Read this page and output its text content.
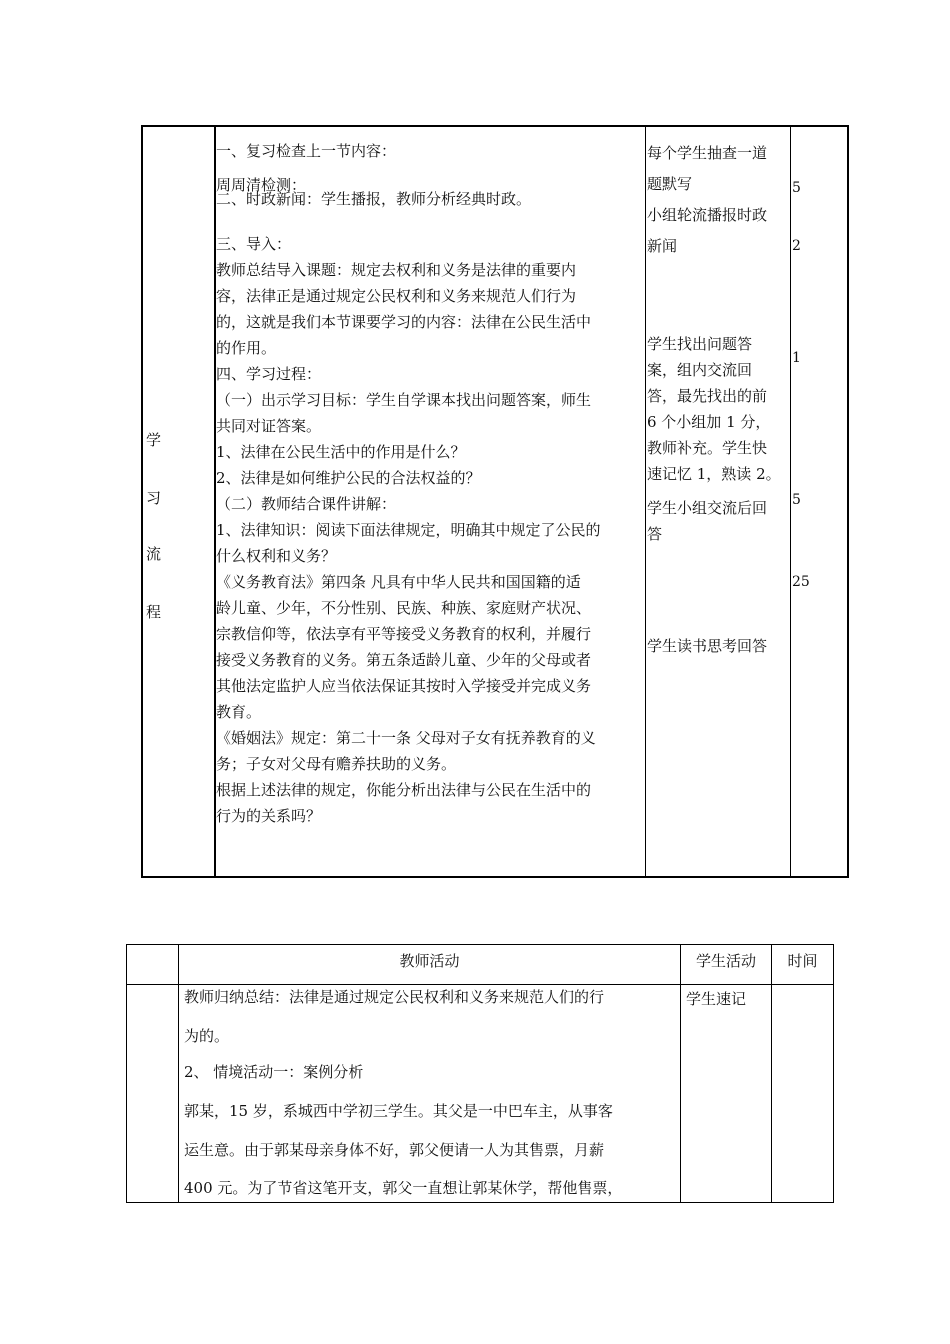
学
习
流
程

一、复习检查上一节内容：

周周清检测：

二、时政新闻：学生播报，教师分析经典时政。

三、导入：

教师总结导入课题：规定去权利和义务是法律的重要内

容，法律正是通过规定公民权利和义务来规范人们行为

的，这就是我们本节课要学习的内容：法律在公民生活中

的作用。

四、学习过程：

（一）出示学习目标：学生自学课本找出问题答案，师生

共同对证答案。

1、法律在公民生活中的作用是什么？

2、法律是如何维护公民的合法权益的？

（二）教师结合课件讲解：

1、法律知识：阅读下面法律规定，明确其中规定了公民的

什么权利和义务？

《义务教育法》第四条 凡具有中华人民共和国国籍的适

龄儿童、少年，不分性别、民族、种族、家庭财产状况、

宗教信仰等，依法享有平等接受义务教育的权利，并履行

接受义务教育的义务。第五条适龄儿童、少年的父母或者

其他法定监护人应当依法保证其按时入学接受并完成义务

教育。

《婚姻法》规定：第二十一条 父母对子女有抚养教育的义

务；子女对父母有赡养扶助的义务。

根据上述法律的规定，你能分析出法律与公民在生活中的

行为的关系吗？

每个学生抽查一道

题默写

小组轮流播报时政

新闻

学生找出问题答

案，组内交流回

答，最先找出的前

6 个小组加 1 分，

教师补充。学生快

速记忆 1，熟读 2。

学生小组交流后回

答

学生读书思考回答

5
2
1
5
25
教师活动	学生活动	时间

教师归纳总结：法律是通过规定公民权利和义务来规范人们的行

为的。

2、 情境活动一：案例分析

郭某，15 岁，系城西中学初三学生。其父是一中巴车主，从事客

运生意。由于郭某母亲身体不好，郭父便请一人为其售票，月薪

400 元。为了节省这笔开支，郭父一直想让郭某休学，帮他售票，

学生速记
